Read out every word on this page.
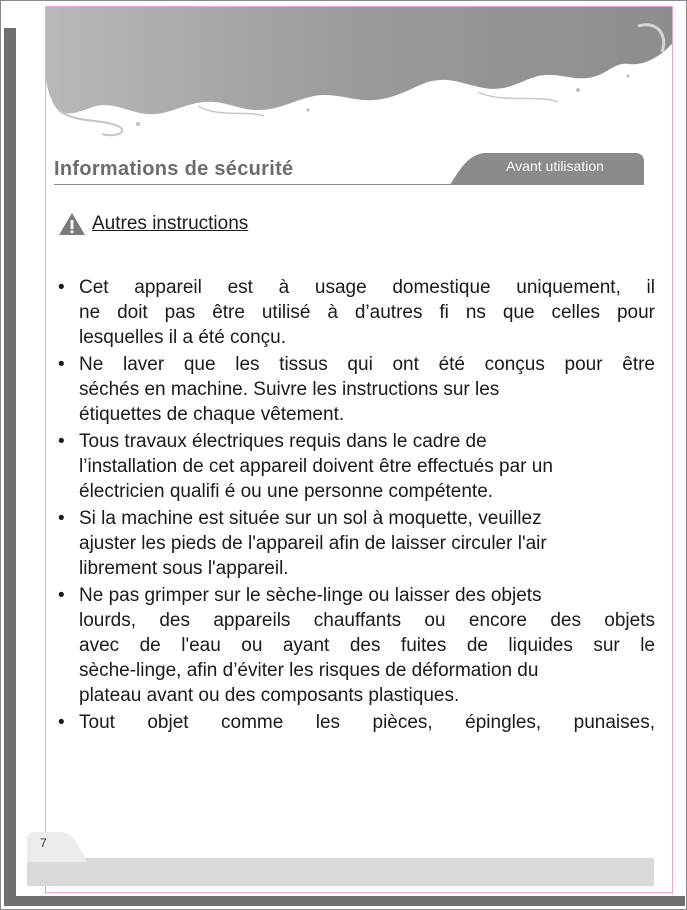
Informations de sécurité	Avant utilisation
Autres instructions
• Cet appareil est à usage domestique uniquement, il
ne doit pas être utilisé à d’autres fi ns que celles pour
lesquelles il a été conçu.
• Ne laver que les tissus qui ont été conçus pour être
séchés en machine. Suivre les instructions sur les
étiquettes de chaque vêtement.
• Tous travaux électriques requis dans le cadre de
l’installation de cet appareil doivent être effectués par un
électricien qualifi é ou une personne compétente.
• Si la machine est située sur un sol à moquette, veuillez
ajuster les pieds de l'appareil afin de laisser circuler l'air
librement sous l'appareil.
• Ne pas grimper sur le sèche-linge ou laisser des objets
lourds, des appareils chauffants ou encore des objets
avec de l'eau ou ayant des fuites de liquides sur le
sèche-linge, afin d’éviter les risques de déformation du
plateau avant ou des composants plastiques.
• Tout objet comme les pièces, épingles, punaises,
7
